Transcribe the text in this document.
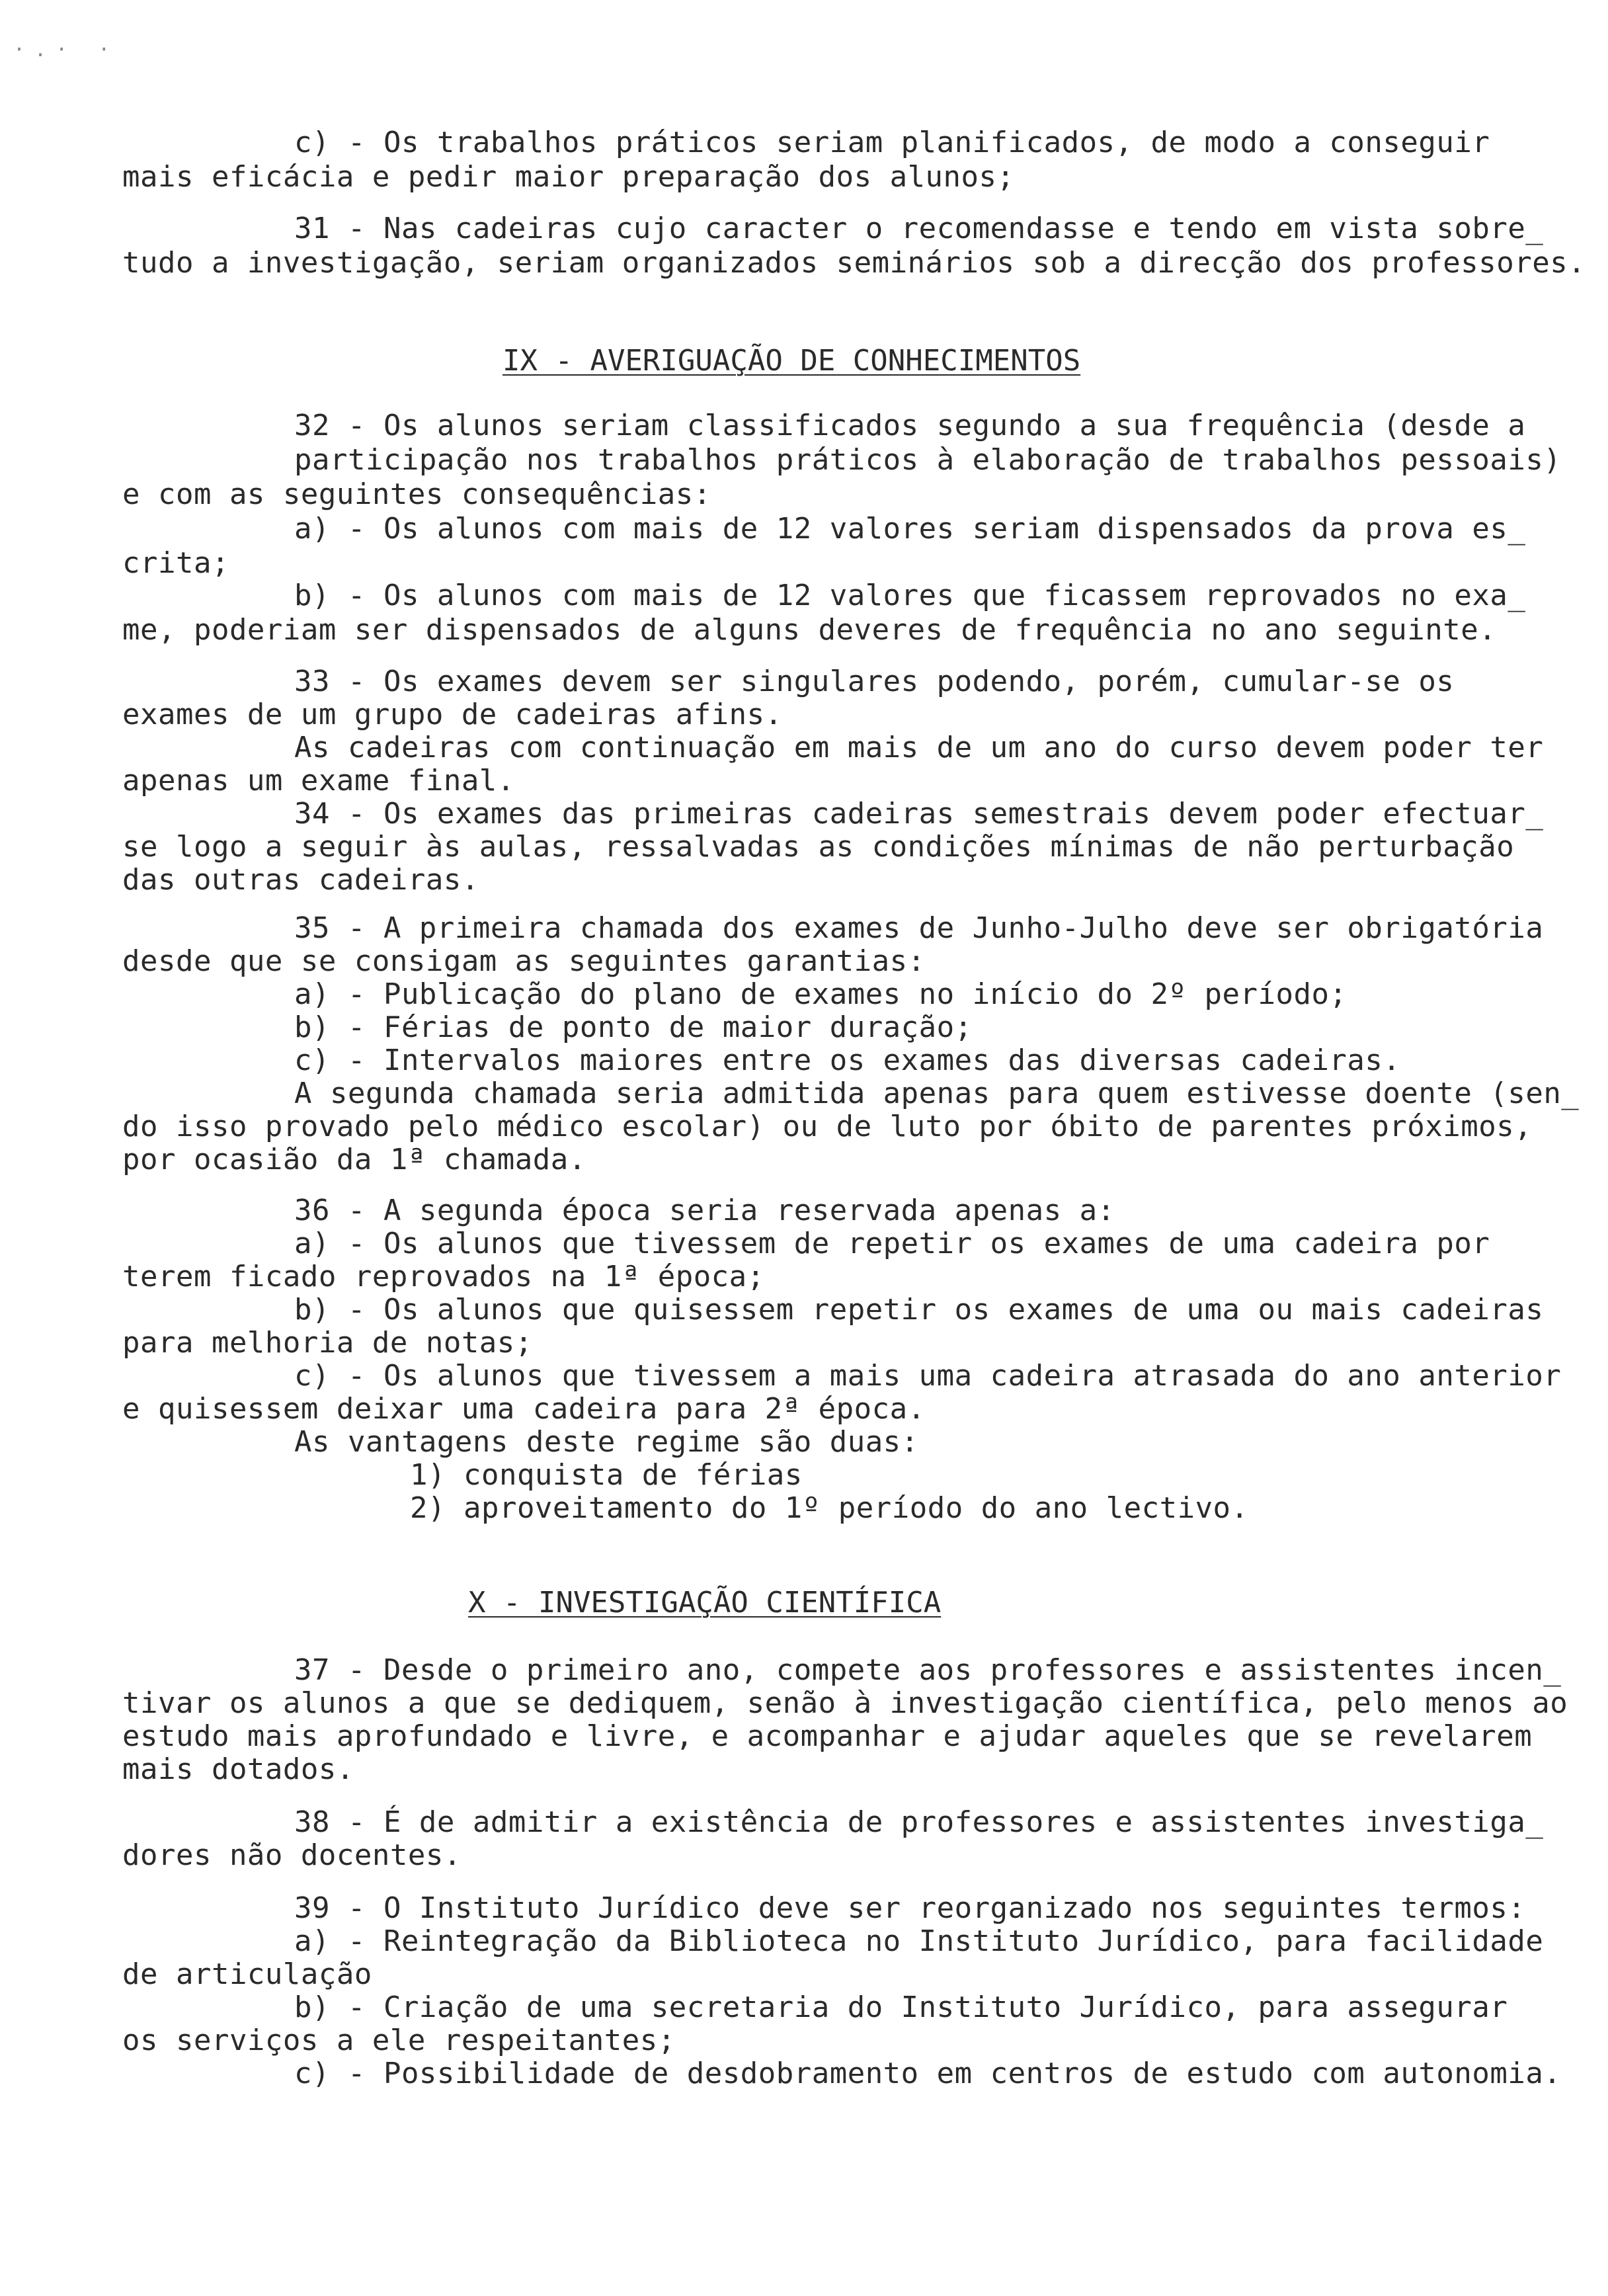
·.· ·
c) - Os trabalhos práticos seriam planificados, de modo a conseguir
mais eficácia e pedir maior preparação dos alunos;
31 - Nas cadeiras cujo caracter o recomendasse e tendo em vista sobre_
tudo a investigação, seriam organizados seminários sob a direcção dos professores.
IX - AVERIGUAÇÃO DE CONHECIMENTOS
32 - Os alunos seriam classificados segundo a sua frequência (desde a
participação nos trabalhos práticos à elaboração de trabalhos pessoais)
e com as seguintes consequências:
a) - Os alunos com mais de 12 valores seriam dispensados da prova es_
crita;
b) - Os alunos com mais de 12 valores que ficassem reprovados no exa_
me, poderiam ser dispensados de alguns deveres de frequência no ano seguinte.
33 - Os exames devem ser singulares podendo, porém, cumular-se os
exames de um grupo de cadeiras afins.
As cadeiras com continuação em mais de um ano do curso devem poder ter
apenas um exame final.
34 - Os exames das primeiras cadeiras semestrais devem poder efectuar_
se logo a seguir às aulas, ressalvadas as condições mínimas de não perturbação
das outras cadeiras.
35 - A primeira chamada dos exames de Junho-Julho deve ser obrigatória
desde que se consigam as seguintes garantias:
a) - Publicação do plano de exames no início do 2º período;
b) - Férias de ponto de maior duração;
c) - Intervalos maiores entre os exames das diversas cadeiras.
A segunda chamada seria admitida apenas para quem estivesse doente (sen_
do isso provado pelo médico escolar) ou de luto por óbito de parentes próximos,
por ocasião da 1ª chamada.
36 - A segunda época seria reservada apenas a:
a) - Os alunos que tivessem de repetir os exames de uma cadeira por
terem ficado reprovados na 1ª época;
b) - Os alunos que quisessem repetir os exames de uma ou mais cadeiras
para melhoria de notas;
c) - Os alunos que tivessem a mais uma cadeira atrasada do ano anterior
e quisessem deixar uma cadeira para 2ª época.
As vantagens deste regime são duas:
1) conquista de férias
2) aproveitamento do 1º período do ano lectivo.
X - INVESTIGAÇÃO CIENTÍFICA
37 - Desde o primeiro ano, compete aos professores e assistentes incen_
tivar os alunos a que se dediquem, senão à investigação científica, pelo menos ao
estudo mais aprofundado e livre, e acompanhar e ajudar aqueles que se revelarem
mais dotados.
38 - É de admitir a existência de professores e assistentes investiga_
dores não docentes.
39 - O Instituto Jurídico deve ser reorganizado nos seguintes termos:
a) - Reintegração da Biblioteca no Instituto Jurídico, para facilidade
de articulação
b) - Criação de uma secretaria do Instituto Jurídico, para assegurar
os serviços a ele respeitantes;
c) - Possibilidade de desdobramento em centros de estudo com autonomia.
